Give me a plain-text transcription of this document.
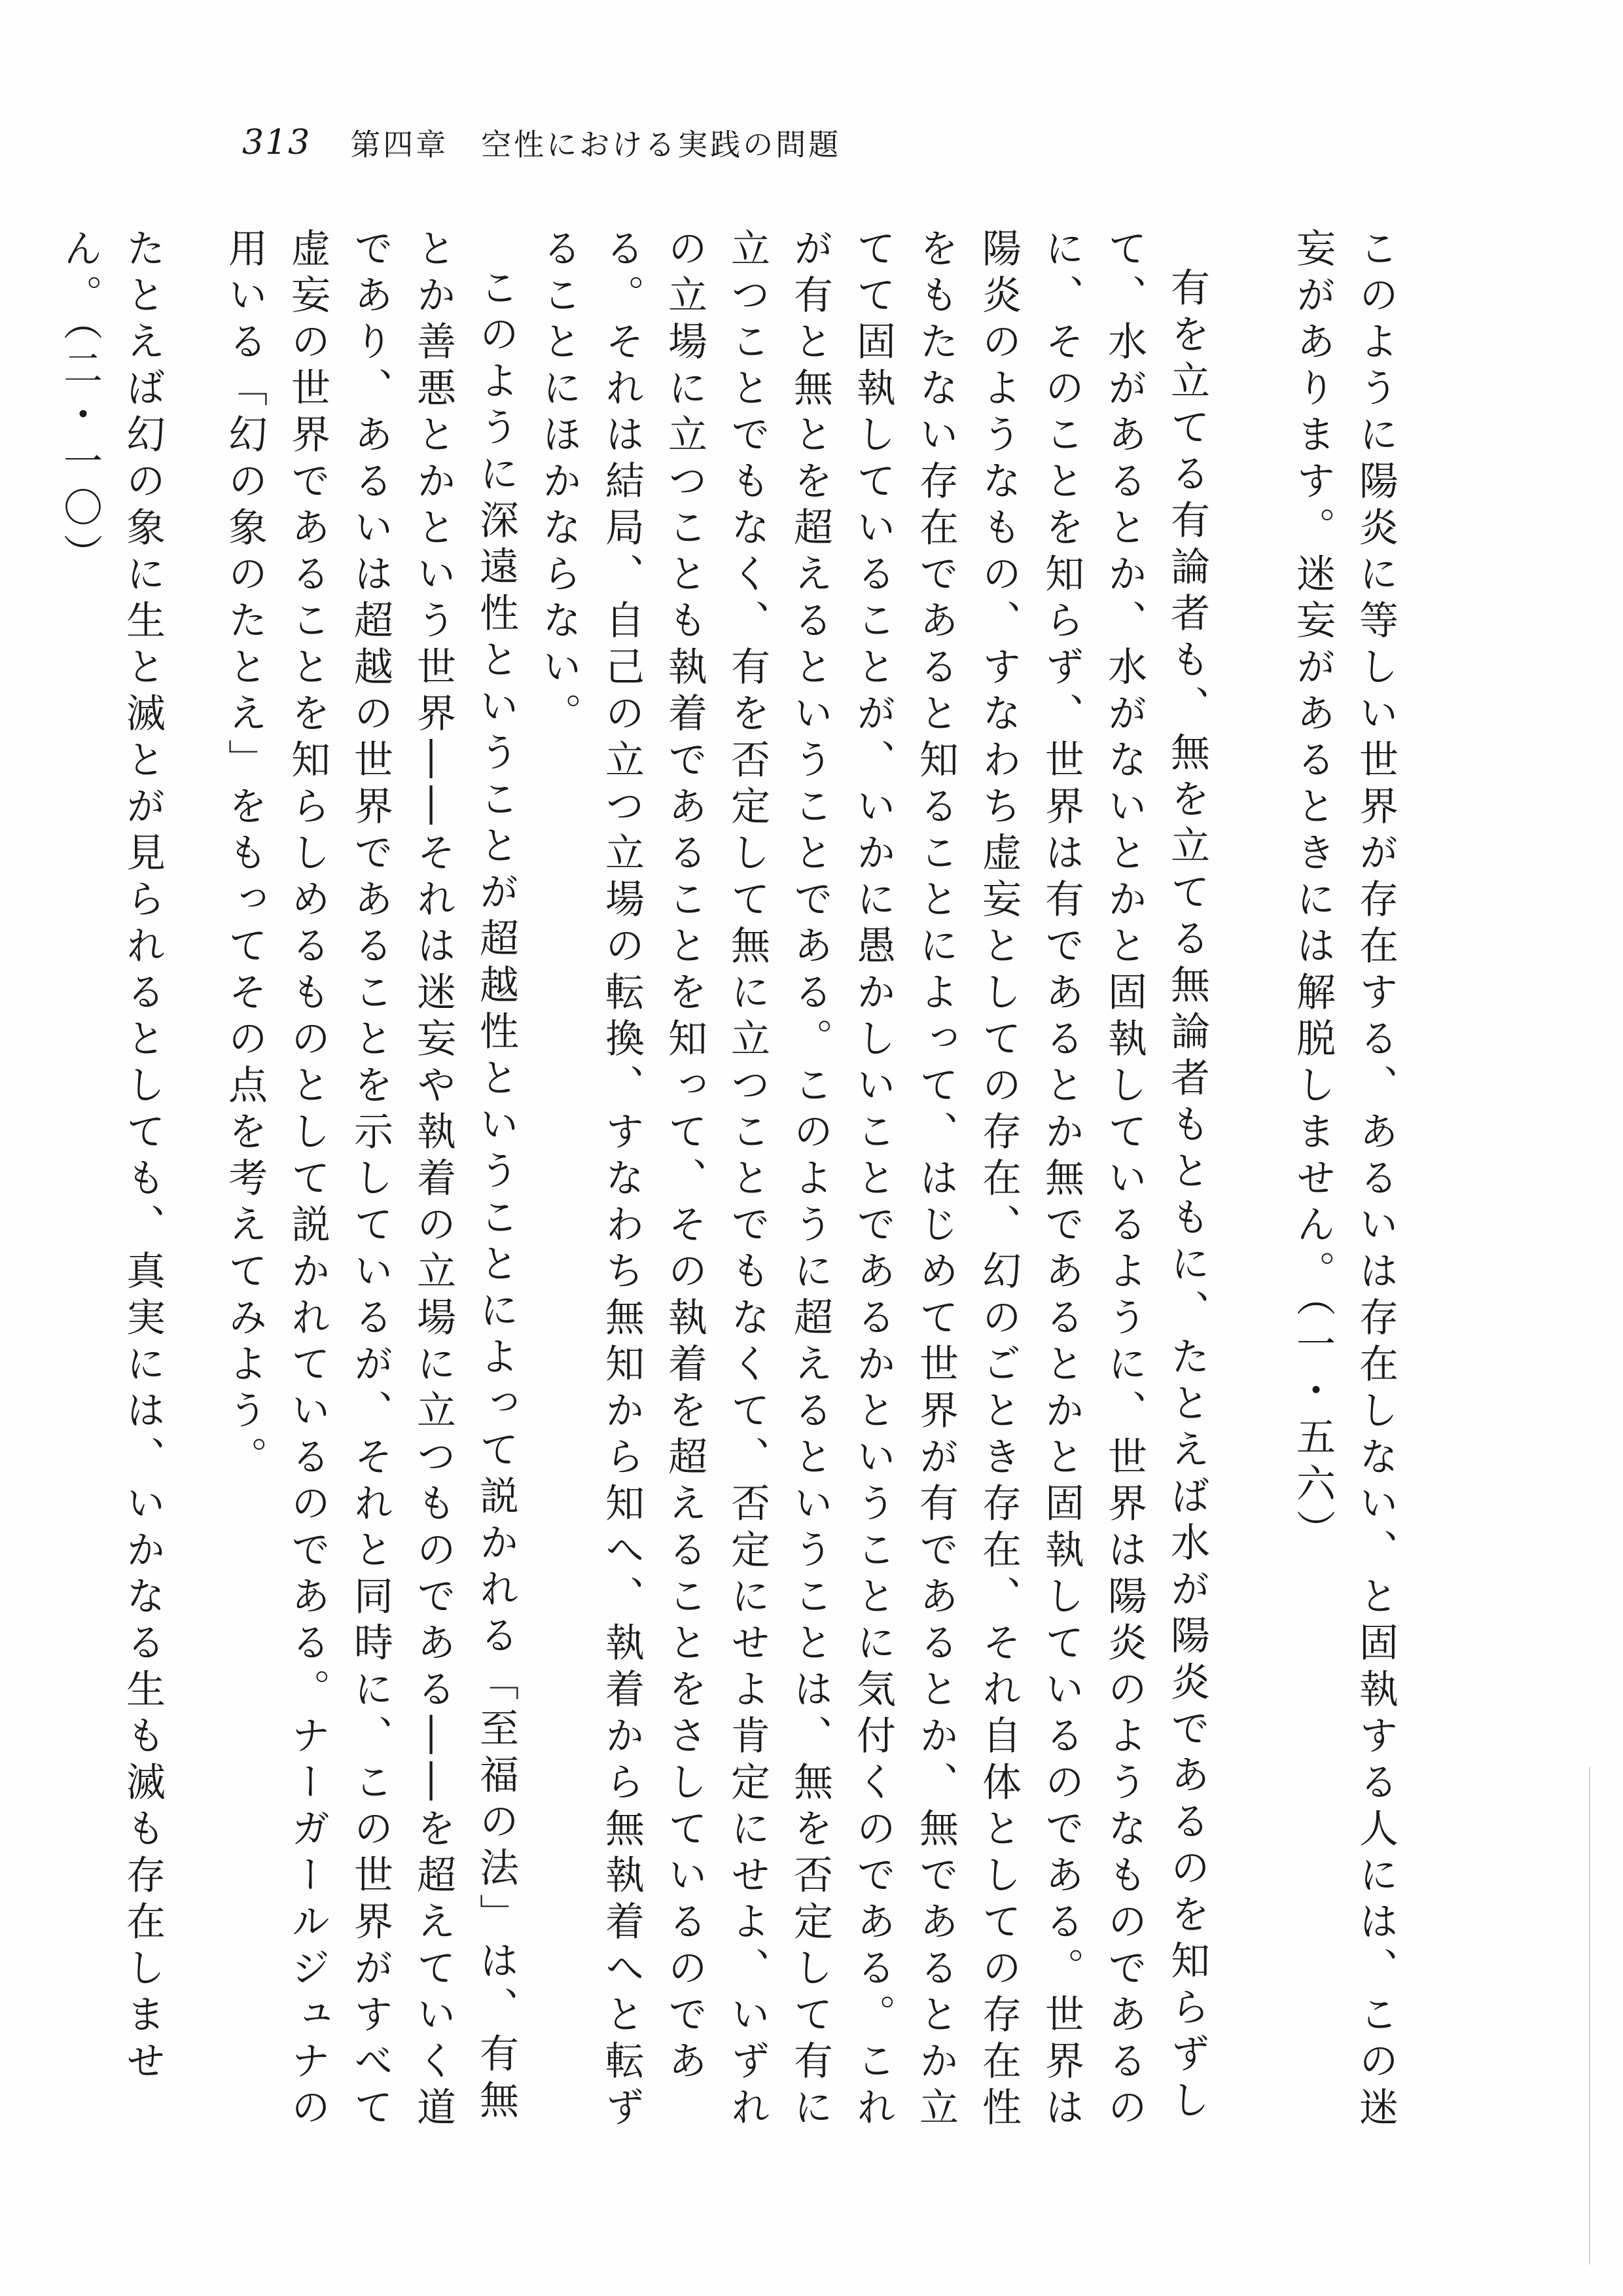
313 第四章　空性における実践の問題

このように陽炎に等しい世界が存在する、あるいは存在しない、と固執する人には、この迷妄があります。迷妄があるときには解脱しません。（一・五六）

有を立てる有論者も、無を立てる無論者もともに、たとえば水が陽炎であるのを知らずして、水があるとか、水がないとかと固執しているように、世界は陽炎のようなものであるのに、そのことを知らず、世界は有であるとか無であるとかと固執しているのである。世界は陽炎のようなもの、すなわち虚妄としての存在、幻のごとき存在、それ自体としての存在性をもたない存在であると知ることによって、はじめて世界が有であるとか、無であるとか立てて固執していることが、いかに愚かしいことであるかということに気付くのである。これが有と無とを超えるということである。このように超えるということは、無を否定して有に立つことでもなく、有を否定して無に立つことでもなくて、否定にせよ肯定にせよ、いずれの立場に立つことも執着であることを知って、その執着を超えることをさしているのである。それは結局、自己の立つ立場の転換、すなわち無知から知へ、執着から無執着へと転ずることにほかならない。

このように深遠性ということが超越性ということによって説かれる「至福の法」は、有無とか善悪とかという世界――それは迷妄や執着の立場に立つものである――を超えていく道であり、あるいは超越の世界であることを示しているが、それと同時に、この世界がすべて虚妄の世界であることを知らしめるものとして説かれているのである。ナーガールジュナの用いる「幻の象のたとえ」をもってその点を考えてみよう。

たとえば幻の象に生と滅とが見られるとしても、真実には、いかなる生も滅も存在しません。（二・一〇）
